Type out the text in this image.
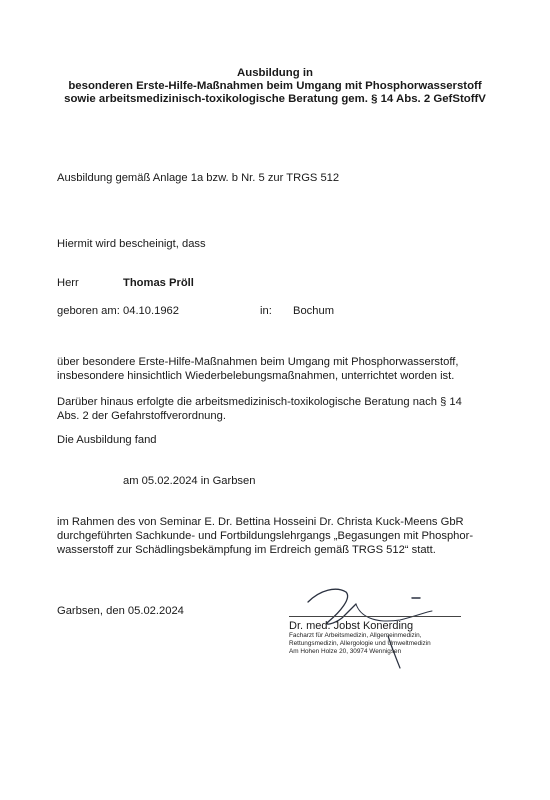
Ausbildung in
besonderen Erste-Hilfe-Maßnahmen beim Umgang mit Phosphorwasserstoff
sowie arbeitsmedizinisch-toxikologische Beratung gem. § 14 Abs. 2 GefStoffV
Ausbildung gemäß Anlage 1a bzw. b Nr. 5 zur TRGS 512
Hiermit wird bescheinigt, dass
Herr	Thomas Pröll
geboren am: 04.10.1962	in: Bochum
über besondere Erste-Hilfe-Maßnahmen beim Umgang mit Phosphorwasserstoff,
insbesondere hinsichtlich Wiederbelebungsmaßnahmen, unterrichtet worden ist.
Darüber hinaus erfolgte die arbeitsmedizinisch-toxikologische Beratung nach § 14
Abs. 2 der Gefahrstoffverordnung.
Die Ausbildung fand
am 05.02.2024 in Garbsen
im Rahmen des von Seminar E. Dr. Bettina Hosseini Dr. Christa Kuck-Meens GbR
durchgeführten Sachkunde- und Fortbildungslehrgangs „Begasungen mit Phosphor-
wasserstoff zur Schädlingsbekämpfung im Erdreich gemäß TRGS 512“ statt.
Garbsen, den 05.02.2024
Dr. med. Jobst Konerding
Facharzt für Arbeitsmedizin, Allgemeinmedizin,
Rettungsmedizin, Allergologie und Umweltmedizin
Am Hohen Holze 20, 30974 Wennigsen
